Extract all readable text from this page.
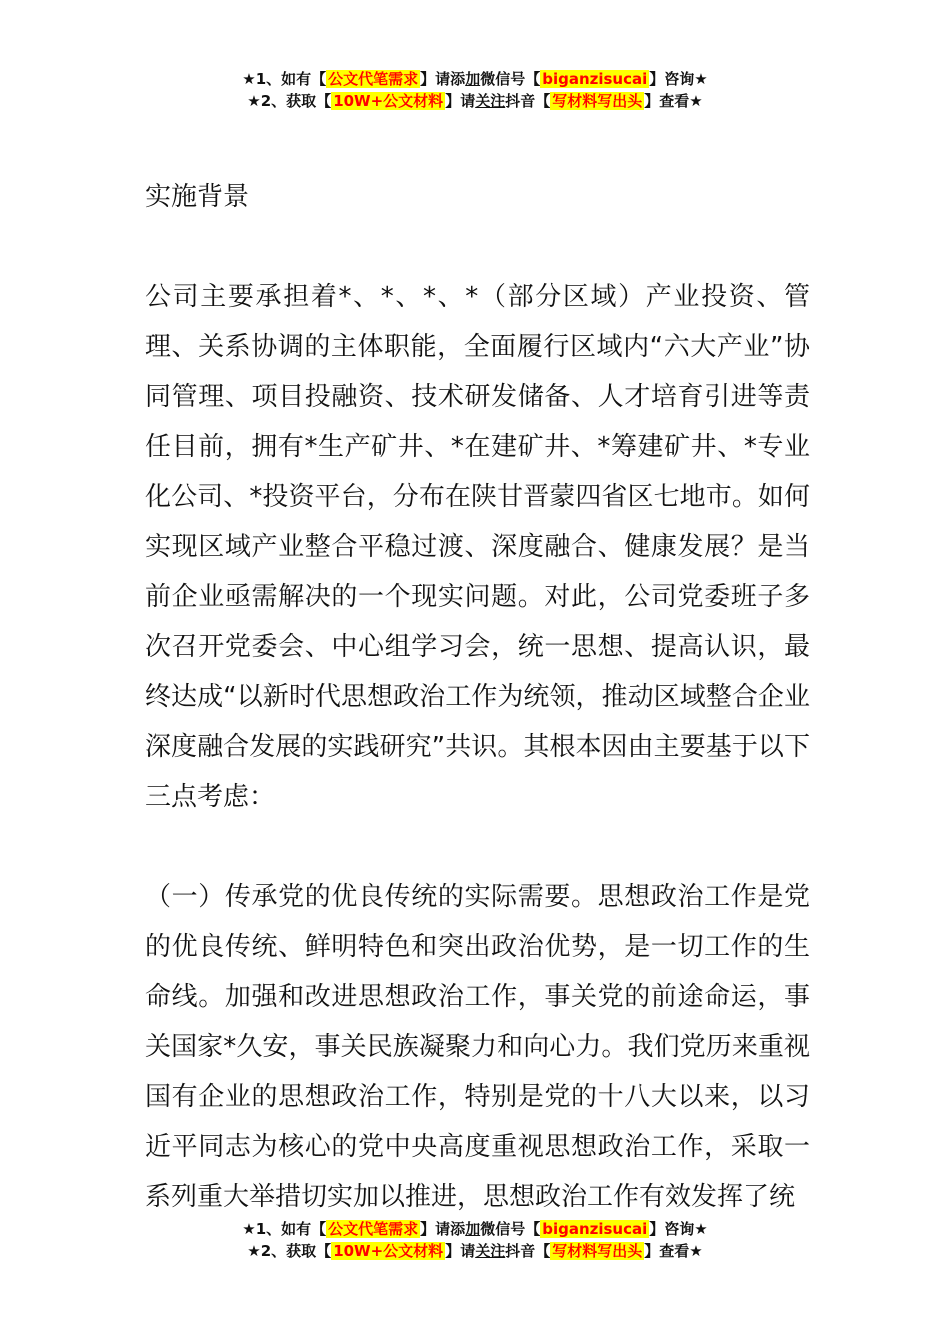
★1、如有【 公文代笔需求 】请添加微信号【 biganzisucai 】咨询★
★2、获取【 10W+公文材料 】请关注抖音【 写材料写出头 】查看★
实施背景

公司主要承担着*、*、*、*（部分区域）产业投资、管理、关系协调的主体职能，全面履行区域内“六大产业”协同管理、项目投融资、技术研发储备、人才培育引进等责任目前，拥有*生产矿井、*在建矿井、*筹建矿井、*专业化公司、*投资平台，分布在陕甘晋蒙四省区七地市。如何实现区域产业整合平稳过渡、深度融合、健康发展？是当前企业亟需解决的一个现实问题。对此，公司党委班子多次召开党委会、中心组学习会，统一思想、提高认识，最终达成“以新时代思想政治工作为统领，推动区域整合企业深度融合发展的实践研究”共识。其根本因由主要基于以下三点考虑：

（一）传承党的优良传统的实际需要。思想政治工作是党的优良传统、鲜明特色和突出政治优势，是一切工作的生命线。加强和改进思想政治工作，事关党的前途命运，事关国家*久安，事关民族凝聚力和向心力。我们党历来重视国有企业的思想政治工作，特别是党的十八大以来，以习近平同志为核心的党中央高度重视思想政治工作，采取一系列重大举措切实加以推进，思想政治工作有效发挥了统

★1、如有【 公文代笔需求 】请添加微信号【 biganzisucai 】咨询★
★2、获取【 10W+公文材料 】请关注抖音【 写材料写出头 】查看★
